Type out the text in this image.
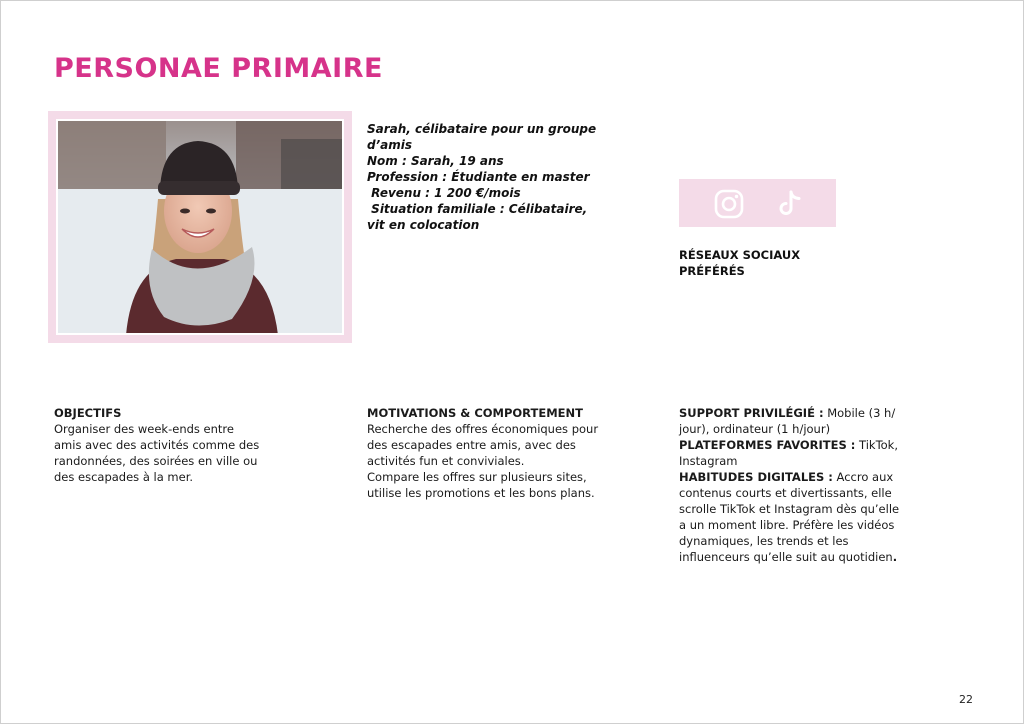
PERSONAE PRIMAIRE
Sarah, célibataire pour un groupe
d’amis
Nom : Sarah, 19 ans
Profession : Étudiante en master
Revenu : 1 200 €/mois
Situation familiale : Célibataire,
vit en colocation
RÉSEAUX SOCIAUX
PRÉFÉRÉS
OBJECTIFS

Organiser des week-ends entre amis avec des activités comme des randonnées, des soirées en ville ou des escapades à la mer.

MOTIVATIONS & COMPORTEMENT

Recherche des offres économiques pour des escapades entre amis, avec des activités fun et conviviales.

Compare les offres sur plusieurs sites, utilise les promotions et les bons plans.

SUPPORT PRIVILÉGIÉ : Mobile (3 h/ jour), ordinateur (1 h/jour)

PLATEFORMES FAVORITES : TikTok, Instagram

HABITUDES DIGITALES : Accro aux contenus courts et divertissants, elle scrolle TikTok et Instagram dès qu’elle a un moment libre. Préfère les vidéos dynamiques, les trends et les influenceurs qu’elle suit au quotidien.

22
